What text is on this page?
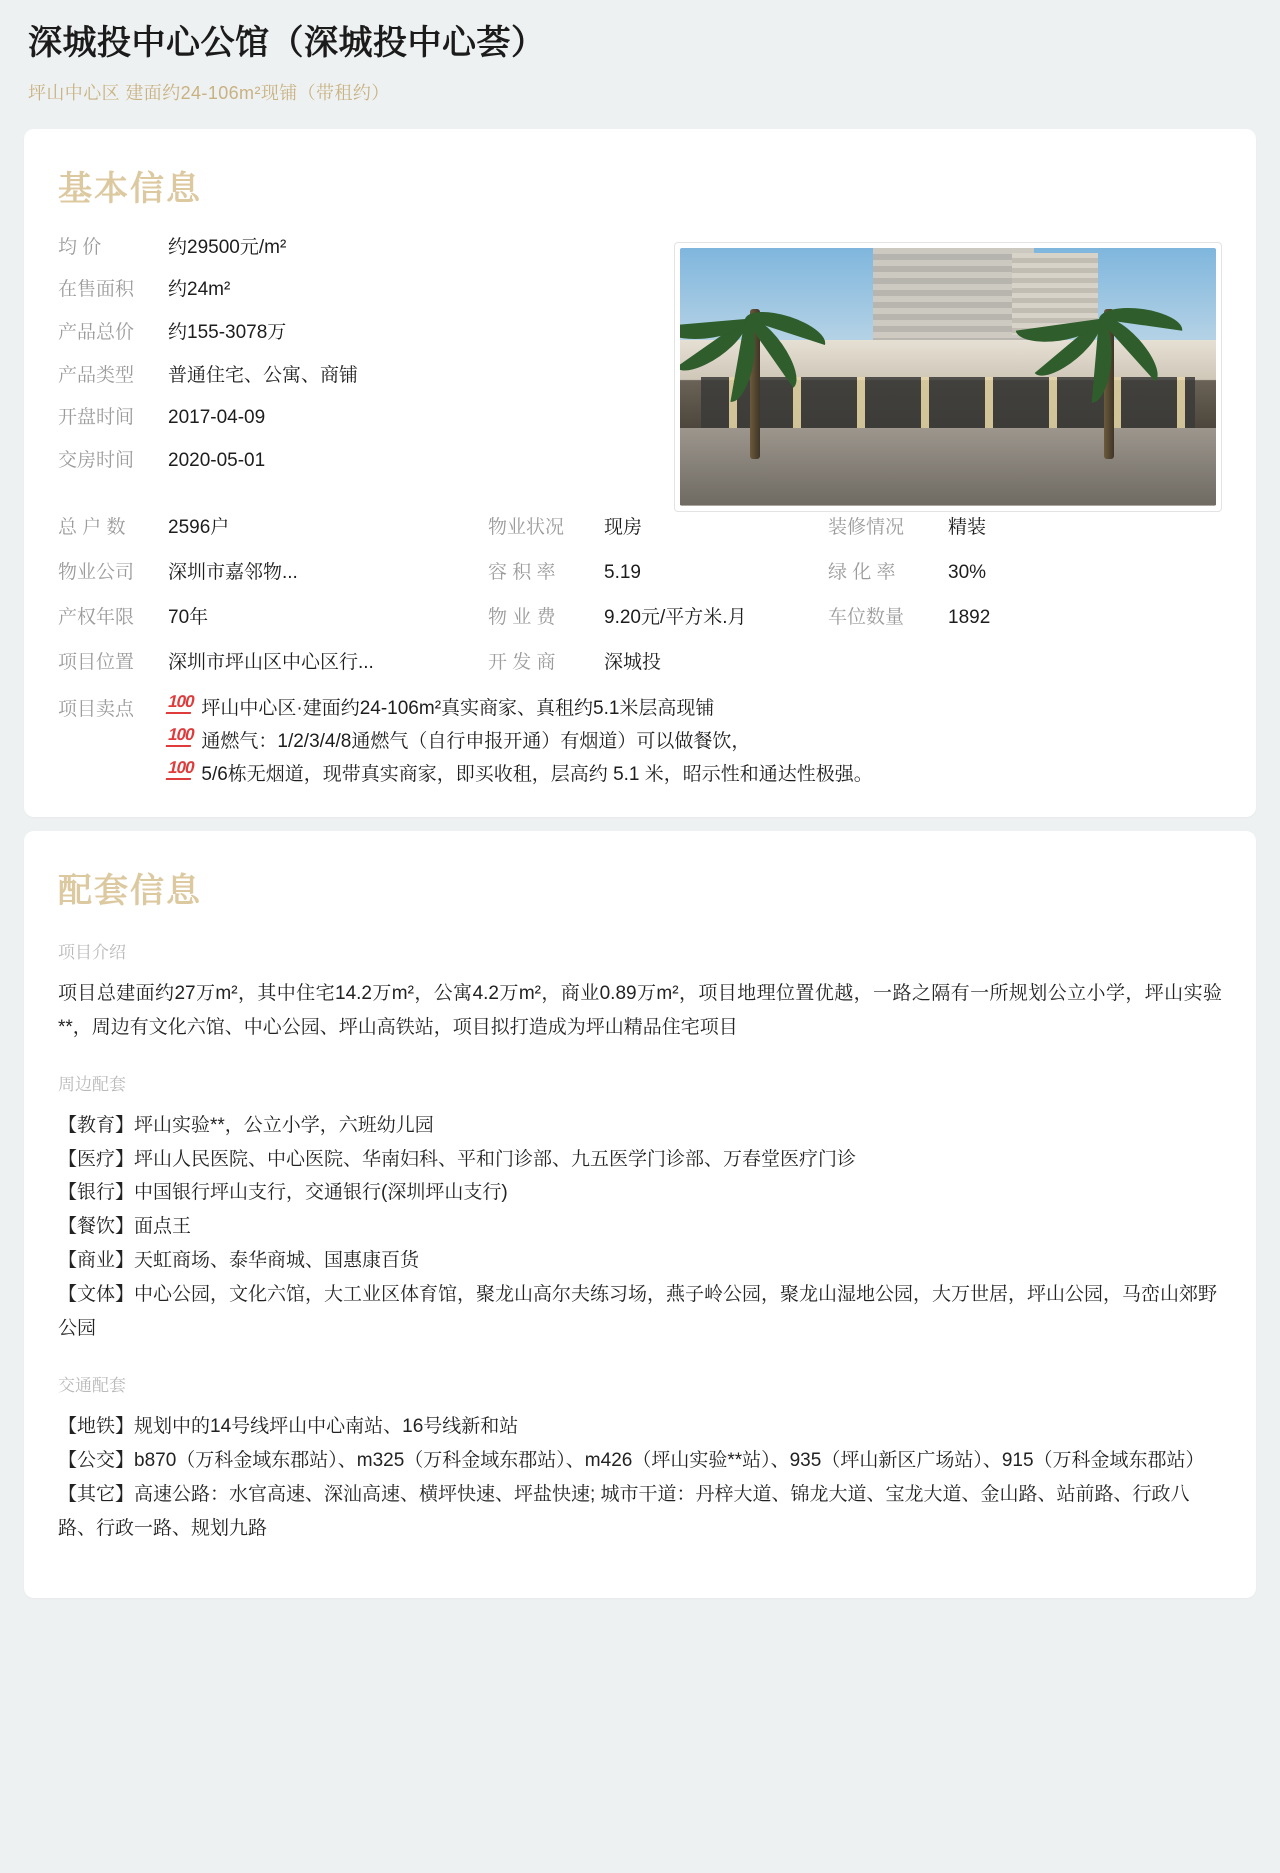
深城投中心公馆（深城投中心荟）
坪山中心区 建面约24-106m²现铺（带租约）
基本信息
均 价	约29500元/m²
在售面积	约24m²
产品总价	约155-3078万
产品类型	普通住宅、公寓、商铺
开盘时间	2017-04-09
交房时间	2020-05-01
总 户 数	2596户	物业状况	现房	装修情况	精装
物业公司	深圳市嘉邻物...	容 积 率	5.19	绿 化 率	30%
产权年限	70年	物 业 费	9.20元/平方米.月	车位数量	1892
项目位置	深圳市坪山区中心区行...	开 发 商	深城投
项目卖点	100 坪山中心区·建面约24-106m²真实商家、真租约5.1米层高现铺
100 通燃气：1/2/3/4/8通燃气（自行申报开通）有烟道）可以做餐饮，
100 5/6栋无烟道，现带真实商家，即买收租，层高约 5.1 米，昭示性和通达性极强。
配套信息
项目介绍

项目总建面约27万m²，其中住宅14.2万m²，公寓4.2万m²，商业0.89万m²，项目地理位置优越，一路之隔有一所规划公立小学，坪山实验**，周边有文化六馆、中心公园、坪山高铁站，项目拟打造成为坪山精品住宅项目

周边配套
【教育】坪山实验**，公立小学，六班幼儿园
【医疗】坪山人民医院、中心医院、华南妇科、平和门诊部、九五医学门诊部、万春堂医疗门诊
【银行】中国银行坪山支行，交通银行(深圳坪山支行)
【餐饮】面点王
【商业】天虹商场、泰华商城、国惠康百货
【文体】中心公园，文化六馆，大工业区体育馆，聚龙山高尔夫练习场，燕子岭公园，聚龙山湿地公园，大万世居，坪山公园，马峦山郊野公园
交通配套
【地铁】规划中的14号线坪山中心南站、16号线新和站
【公交】b870（万科金域东郡站）、m325（万科金域东郡站）、m426（坪山实验**站）、935（坪山新区广场站）、915（万科金域东郡站）
【其它】高速公路：水官高速、深汕高速、横坪快速、坪盐快速; 城市干道：丹梓大道、锦龙大道、宝龙大道、金山路、站前路、行政八路、行政一路、规划九路
